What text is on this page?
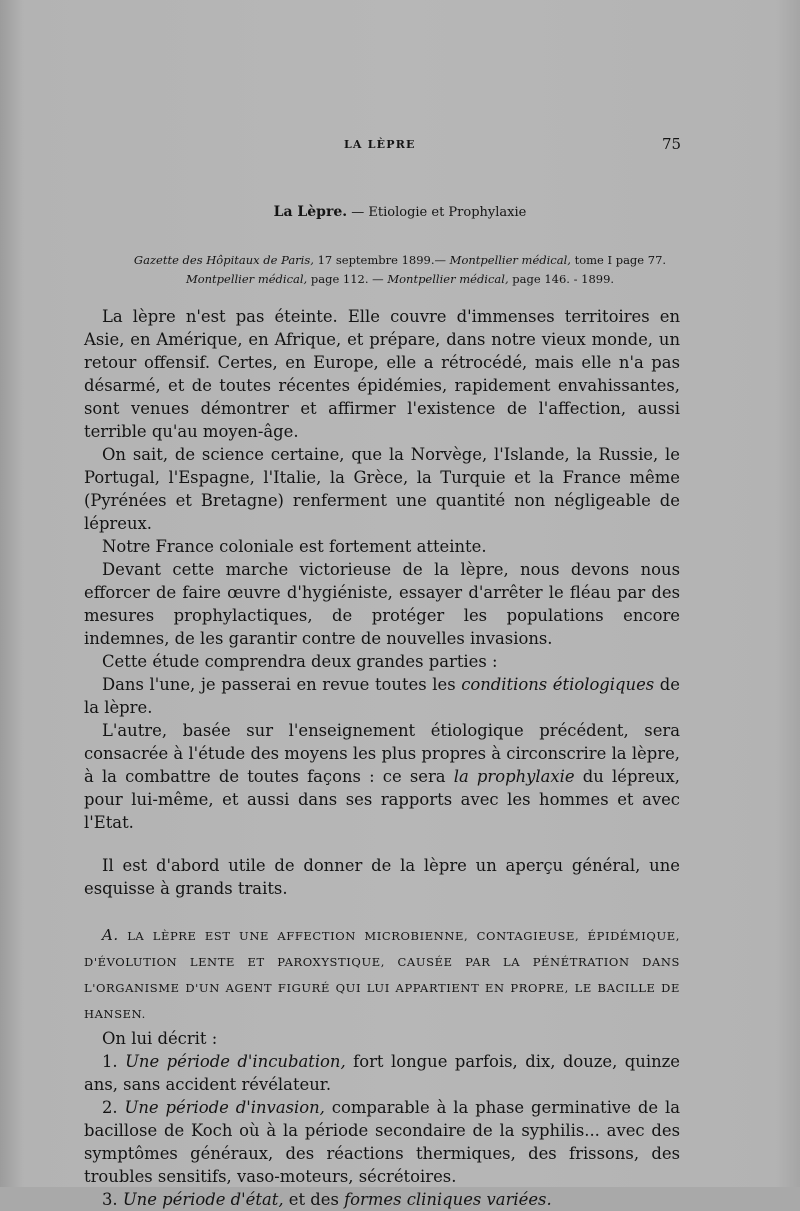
LA LÈPRE	75
La Lèpre. — Etiologie et Prophylaxie
Gazette des Hôpitaux de Paris, 17 septembre 1899.— Montpellier médical, tome I page 77.
Montpellier médical, page 112. — Montpellier médical, page 146. - 1899.

La lèpre n'est pas éteinte. Elle couvre d'immenses territoires en Asie, en Amérique, en Afrique, et prépare, dans notre vieux monde, un retour offensif. Certes, en Europe, elle a rétrocédé, mais elle n'a pas désarmé, et de toutes récentes épidémies, rapidement envahissantes, sont venues démontrer et affirmer l'existence de l'affection, aussi terrible qu'au moyen-âge.

On sait, de science certaine, que la Norvège, l'Islande, la Russie, le Portugal, l'Espagne, l'Italie, la Grèce, la Turquie et la France même (Pyrénées et Bretagne) renferment une quantité non négligeable de lépreux.

Notre France coloniale est fortement atteinte.

Devant cette marche victorieuse de la lèpre, nous devons nous efforcer de faire œuvre d'hygiéniste, essayer d'arrêter le fléau par des mesures prophylactiques, de protéger les populations encore indemnes, de les garantir contre de nouvelles invasions.

Cette étude comprendra deux grandes parties :

Dans l'une, je passerai en revue toutes les conditions étiologiques de la lèpre.

L'autre, basée sur l'enseignement étiologique précédent, sera consacrée à l'étude des moyens les plus propres à circonscrire la lèpre, à la combattre de toutes façons : ce sera la prophylaxie du lépreux, pour lui-même, et aussi dans ses rapports avec les hommes et avec l'Etat.

Il est d'abord utile de donner de la lèpre un aperçu général, une esquisse à grands traits.

A. LA LÈPRE EST UNE AFFECTION MICROBIENNE, CONTAGIEUSE, ÉPIDÉMIQUE, D'ÉVOLUTION LENTE ET PAROXYSTIQUE, CAUSÉE PAR LA PÉNÉTRATION DANS L'ORGANISME D'UN AGENT FIGURÉ QUI LUI APPARTIENT EN PROPRE, LE BACILLE DE HANSEN.

On lui décrit :

1. Une période d'incubation, fort longue parfois, dix, douze, quinze ans, sans accident révélateur.

2. Une période d'invasion, comparable à la phase germinative de la bacillose de Koch où à la période secondaire de la syphilis... avec des symptômes généraux, des réactions thermiques, des frissons, des troubles sensitifs, vaso-moteurs, sécrétoires.

3. Une période d'état, et des formes cliniques variées.
